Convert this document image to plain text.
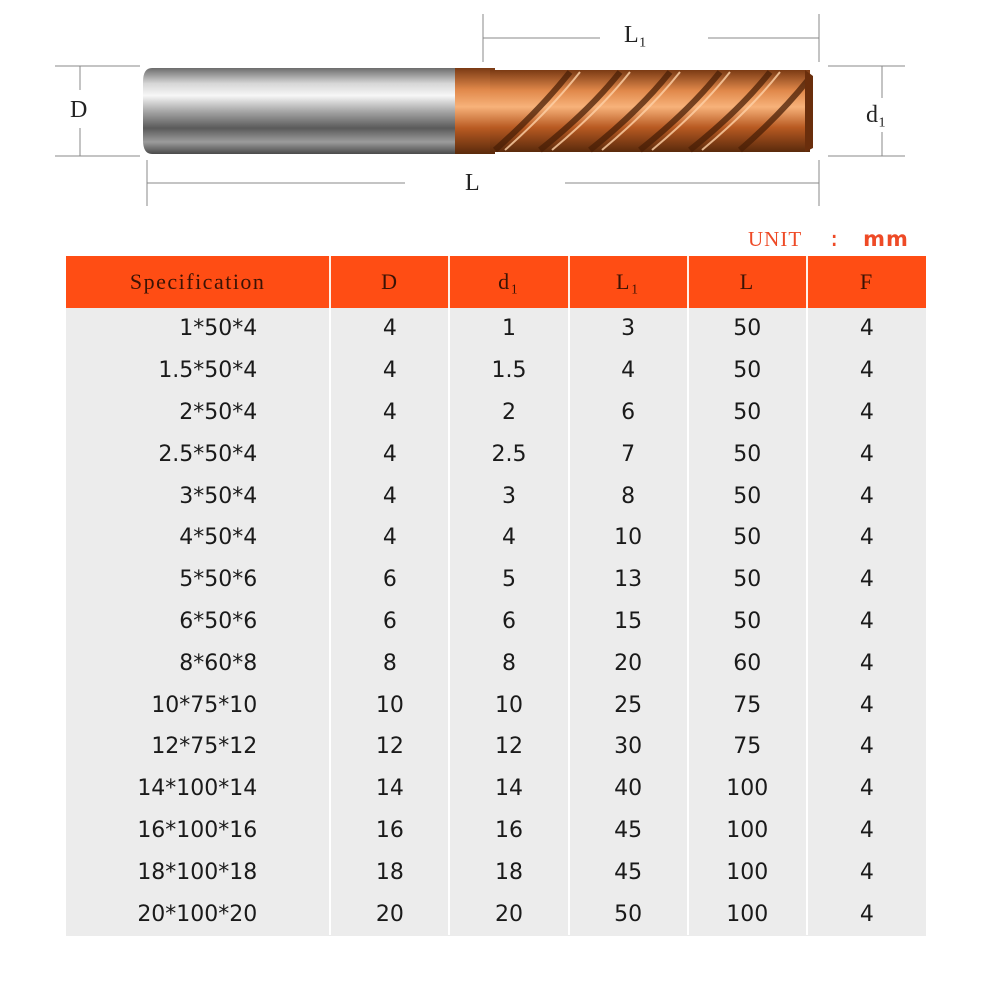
D
L₁
d₁
L
UNIT : mm
Specification	D	d₁	L₁	L	F
1*50*4	4	1	3	50	4
1.5*50*4	4	1.5	4	50	4
2*50*4	4	2	6	50	4
2.5*50*4	4	2.5	7	50	4
3*50*4	4	3	8	50	4
4*50*4	4	4	10	50	4
5*50*6	6	5	13	50	4
6*50*6	6	6	15	50	4
8*60*8	8	8	20	60	4
10*75*10	10	10	25	75	4
12*75*12	12	12	30	75	4
14*100*14	14	14	40	100	4
16*100*16	16	16	45	100	4
18*100*18	18	18	45	100	4
20*100*20	20	20	50	100	4
